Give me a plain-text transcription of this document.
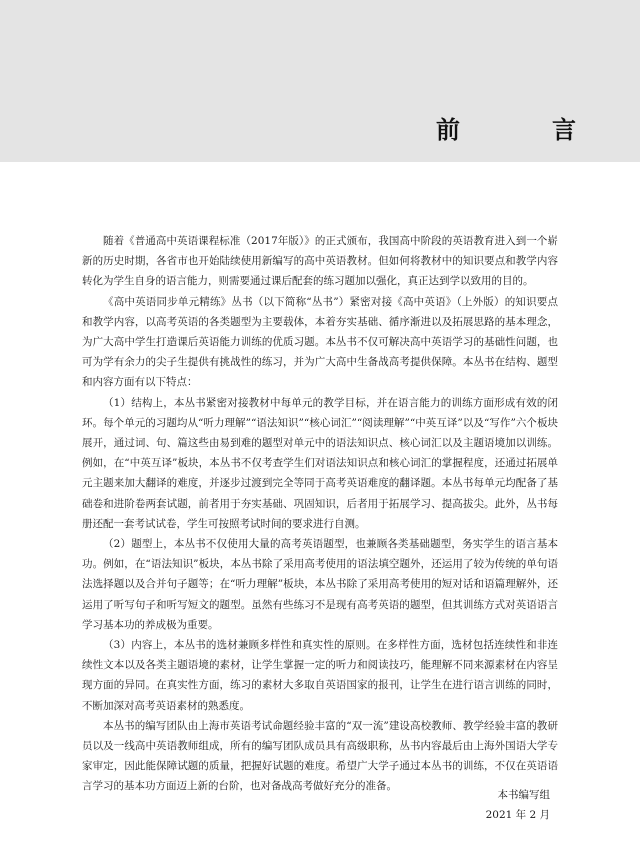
前　言

随着《普通高中英语课程标准（2017年版）》的正式颁布，我国高中阶段的英语教育进入到一个崭新的历史时期，各省市也开始陆续使用新编写的高中英语教材。但如何将教材中的知识要点和教学内容转化为学生自身的语言能力，则需要通过课后配套的练习题加以强化，真正达到学以致用的目的。

《高中英语同步单元精练》丛书（以下简称“丛书”）紧密对接《高中英语》（上外版）的知识要点和教学内容，以高考英语的各类题型为主要载体，本着夯实基础、循序渐进以及拓展思路的基本理念，为广大高中学生打造课后英语能力训练的优质习题。本丛书不仅可解决高中英语学习的基础性问题，也可为学有余力的尖子生提供有挑战性的练习，并为广大高中生备战高考提供保障。本丛书在结构、题型和内容方面有以下特点：

（1）结构上，本丛书紧密对接教材中每单元的教学目标，并在语言能力的训练方面形成有效的闭环。每个单元的习题均从“听力理解”“语法知识”“核心词汇”“阅读理解”“中英互译”以及“写作”六个板块展开，通过词、句、篇这些由易到难的题型对单元中的语法知识点、核心词汇以及主题语境加以训练。例如，在“中英互译”板块，本丛书不仅考查学生们对语法知识点和核心词汇的掌握程度，还通过拓展单元主题来加大翻译的难度，并逐步过渡到完全等同于高考英语难度的翻译题。本丛书每单元均配备了基础卷和进阶卷两套试题，前者用于夯实基础、巩固知识，后者用于拓展学习、提高拔尖。此外，丛书每册还配一套考试试卷，学生可按照考试时间的要求进行自测。

（2）题型上，本丛书不仅使用大量的高考英语题型，也兼顾各类基础题型，务实学生的语言基本功。例如，在“语法知识”板块，本丛书除了采用高考使用的语法填空题外，还运用了较为传统的单句语法选择题以及合并句子题等；在“听力理解”板块，本丛书除了采用高考使用的短对话和语篇理解外，还运用了听写句子和听写短文的题型。虽然有些练习不是现有高考英语的题型，但其训练方式对英语语言学习基本功的养成极为重要。

（3）内容上，本丛书的选材兼顾多样性和真实性的原则。在多样性方面，选材包括连续性和非连续性文本以及各类主题语境的素材，让学生掌握一定的听力和阅读技巧，能理解不同来源素材在内容呈现方面的异同。在真实性方面，练习的素材大多取自英语国家的报刊，让学生在进行语言训练的同时，不断加深对高考英语素材的熟悉度。

本丛书的编写团队由上海市英语考试命题经验丰富的“双一流”建设高校教师、教学经验丰富的教研员以及一线高中英语教师组成，所有的编写团队成员具有高级职称，丛书内容最后由上海外国语大学专家审定，因此能保障试题的质量，把握好试题的难度。希望广大学子通过本丛书的训练，不仅在英语语言学习的基本功方面迈上新的台阶，也对备战高考做好充分的准备。

本书编写组
2021 年 2 月
